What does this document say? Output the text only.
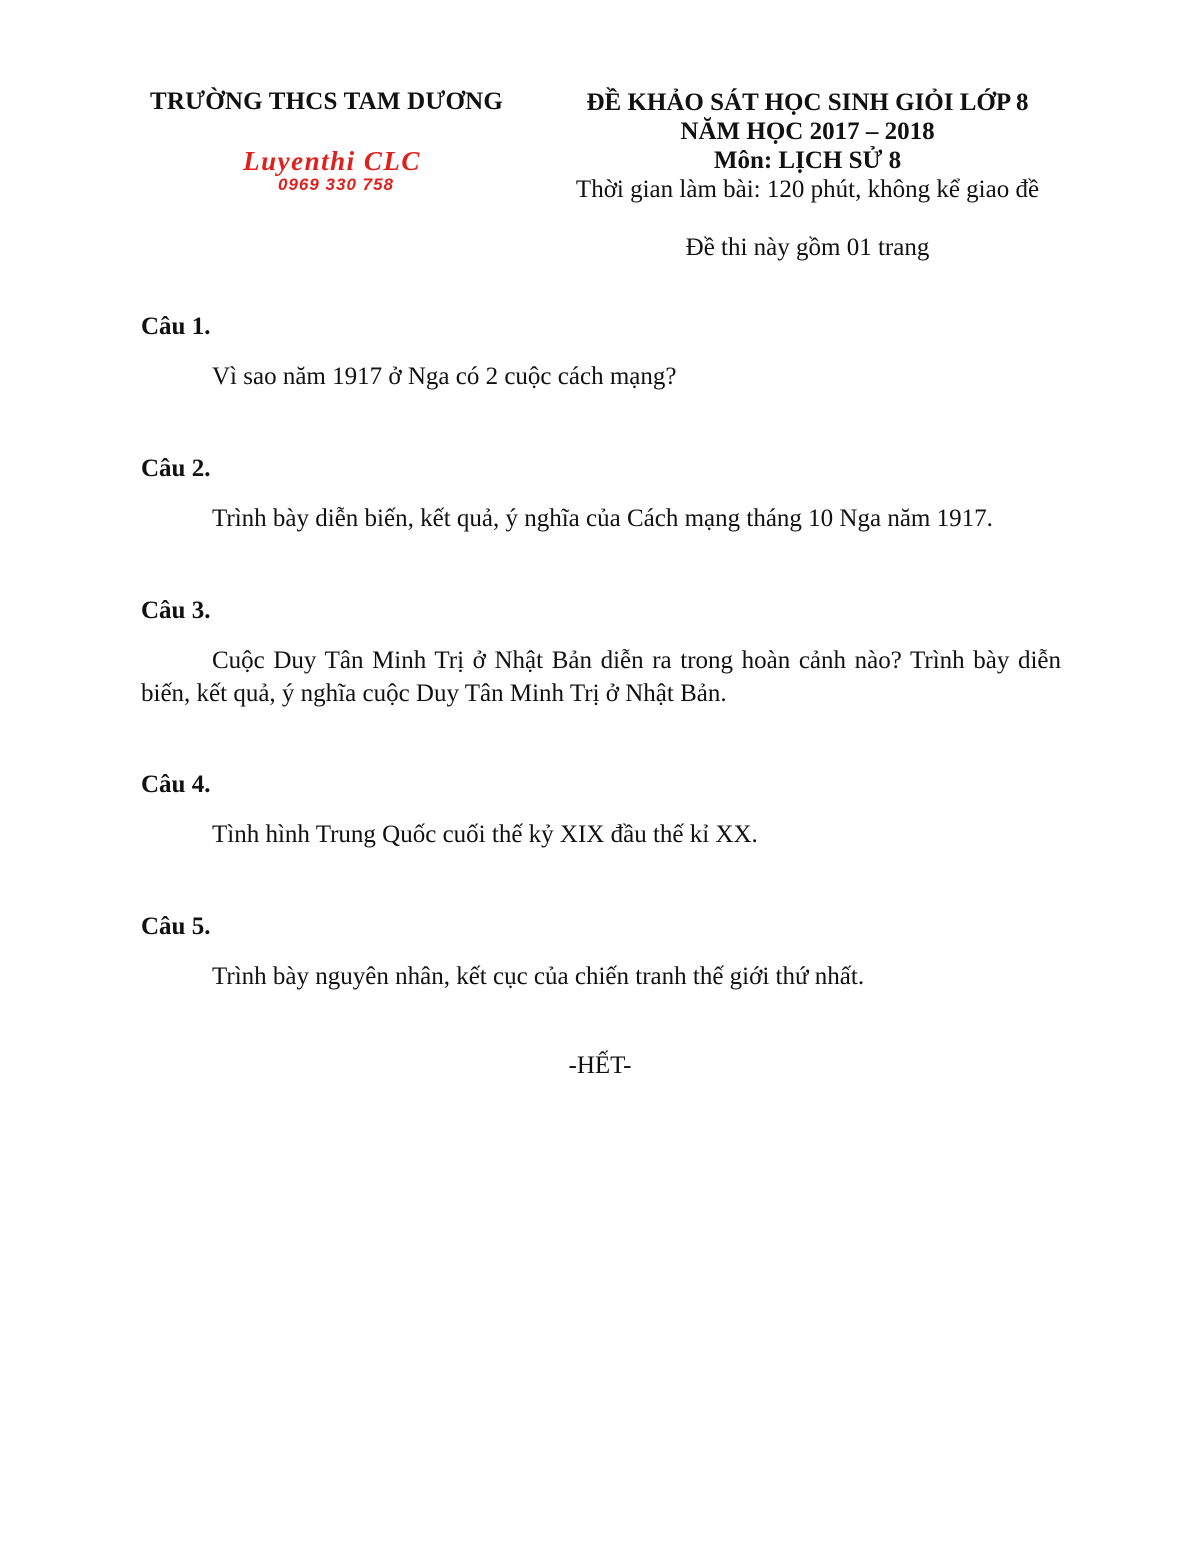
TRƯỜNG THCS TAM DƯƠNG
Luyenthi CLC
0969 330 758
ĐỀ KHẢO SÁT HỌC SINH GIỎI LỚP 8
NĂM HỌC 2017 – 2018
Môn: LỊCH SỬ 8
Thời gian làm bài: 120 phút, không kể giao đề
Đề thi này gồm 01 trang
Câu 1.
Vì sao năm 1917 ở Nga có 2 cuộc cách mạng?
Câu 2.
Trình bày diễn biến, kết quả, ý nghĩa của Cách mạng tháng 10 Nga năm 1917.
Câu 3.
Cuộc Duy Tân Minh Trị ở Nhật Bản diễn ra trong hoàn cảnh nào? Trình bày diễn biến, kết quả, ý nghĩa cuộc Duy Tân Minh Trị ở Nhật Bản.
Câu 4.
Tình hình Trung Quốc cuối thế kỷ XIX đầu thế kỉ XX.
Câu 5.
Trình bày nguyên nhân, kết cục của chiến tranh thế giới thứ nhất.
-HẾT-
